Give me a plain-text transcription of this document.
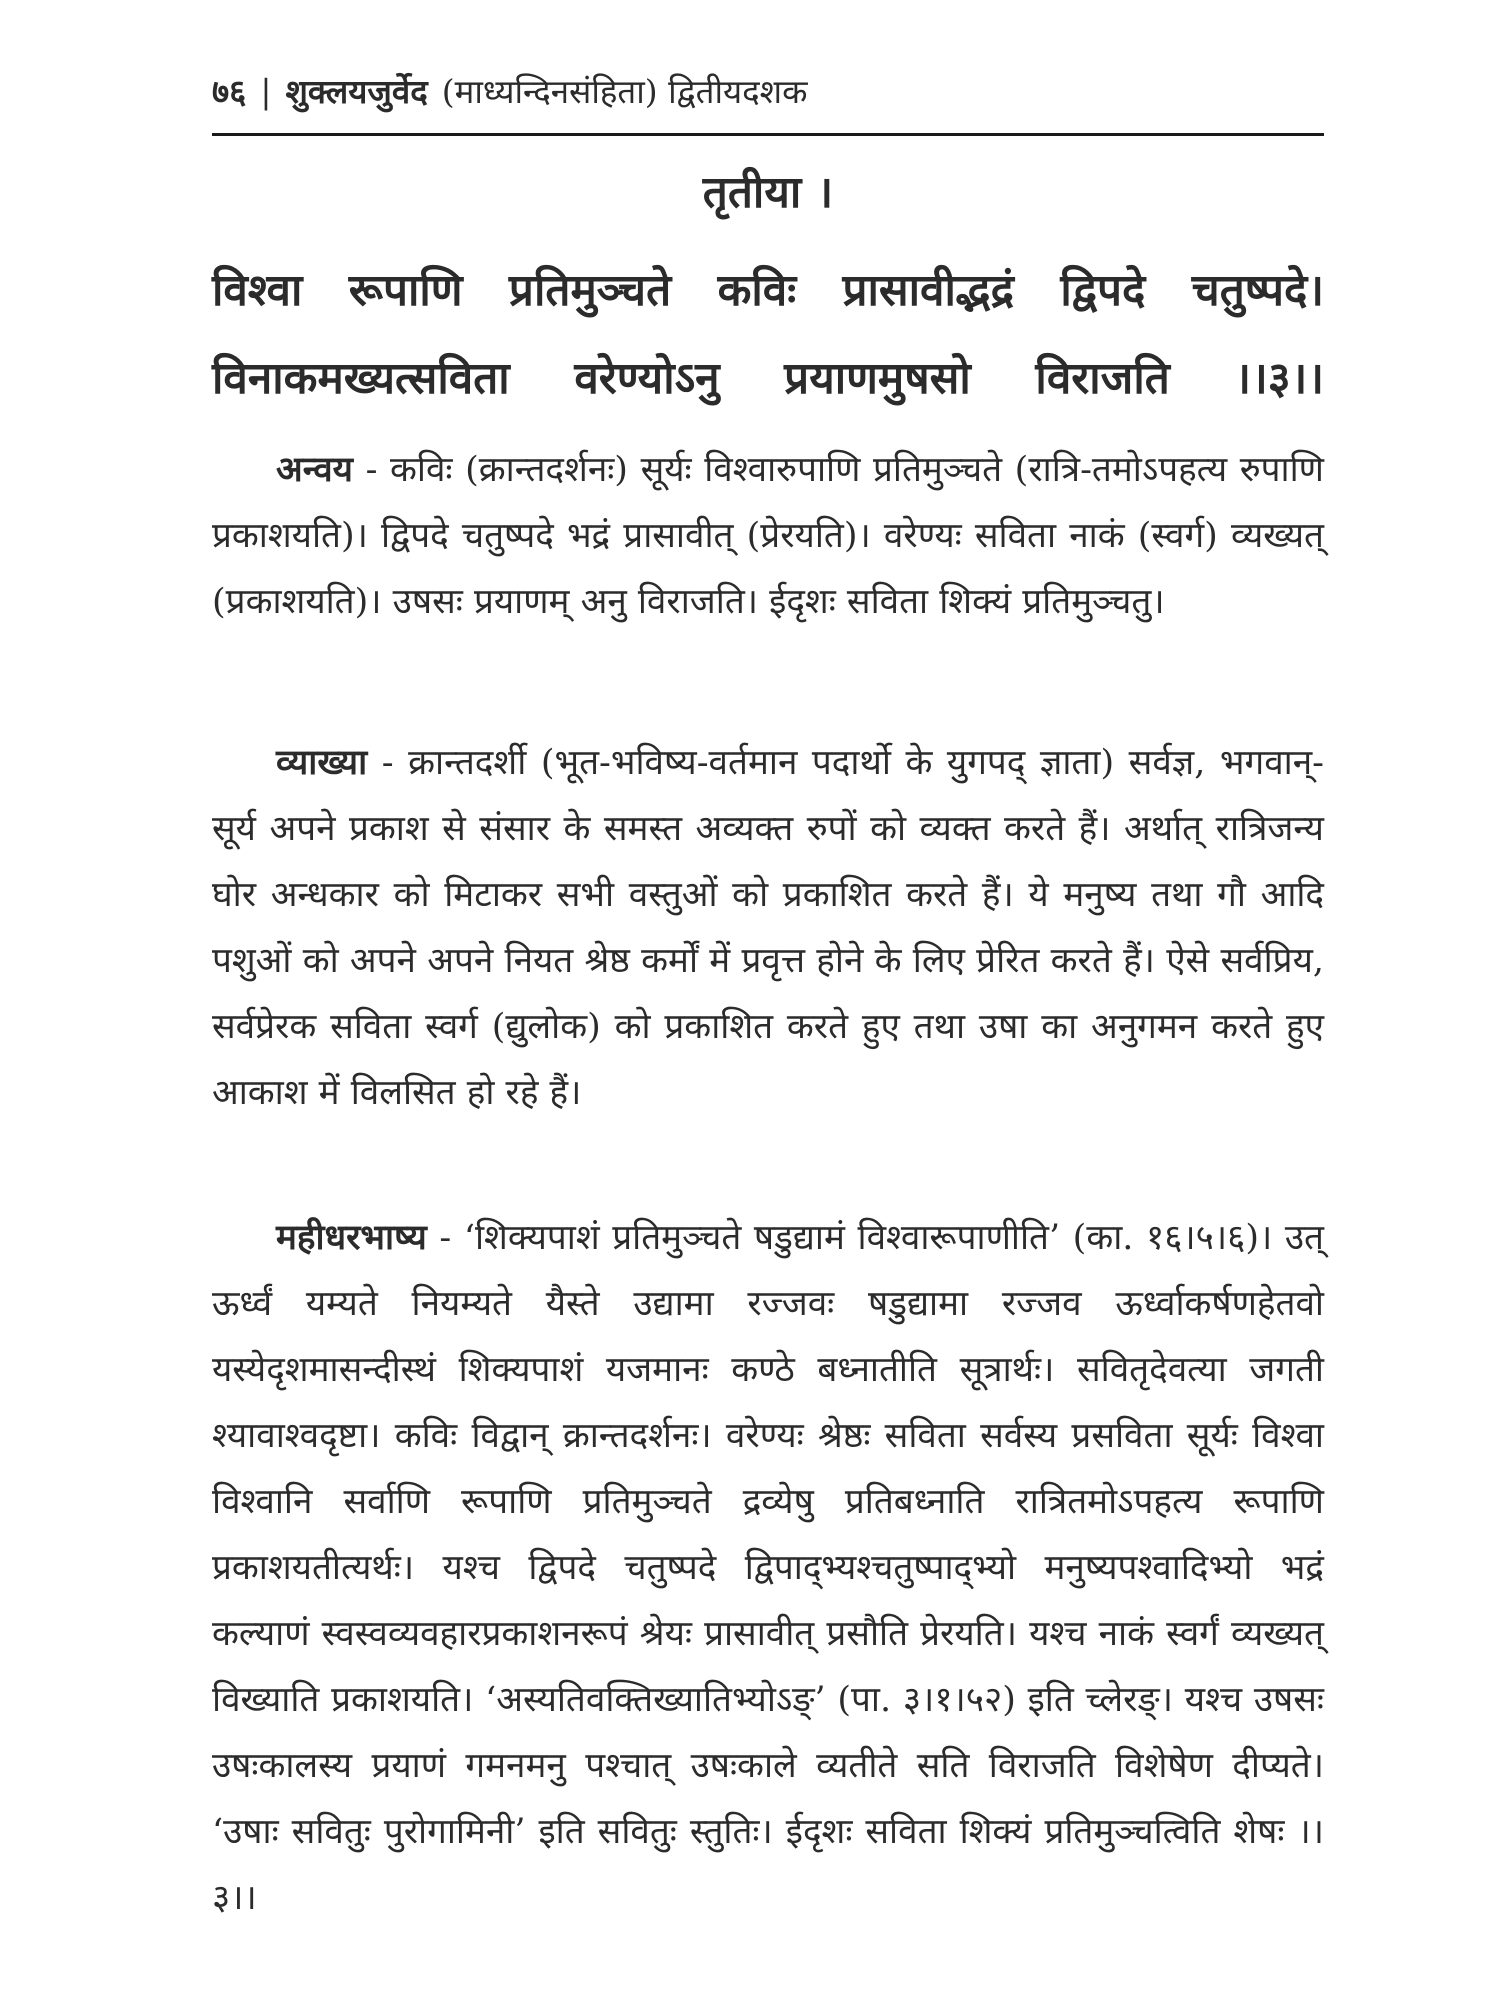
७६ | शुक्लयजुर्वेद (माध्यन्दिनसंहिता) द्वितीयदशक
तृतीया ।
विश्वा रूपाणि प्रतिमुञ्चते कविः प्रासावीद्भद्रं द्विपदे चतुष्पदे।
विनाकमख्यत्सविता वरेण्योऽनु प्रयाणमुषसो विराजति ।।३।।
अन्वय - कविः (क्रान्तदर्शनः) सूर्यः विश्वारुपाणि प्रतिमुञ्चते (रात्रि-तमोऽपहत्य रुपाणि प्रकाशयति)। द्विपदे चतुष्पदे भद्रं प्रासावीत् (प्रेरयति)। वरेण्यः सविता नाकं (स्वर्ग) व्यख्यत् (प्रकाशयति)। उषसः प्रयाणम् अनु विराजति। ईदृशः सविता शिक्यं प्रतिमुञ्चतु।
व्याख्या - क्रान्तदर्शी (भूत-भविष्य-वर्तमान पदार्थो के युगपद् ज्ञाता) सर्वज्ञ, भगवान्-सूर्य अपने प्रकाश से संसार के समस्त अव्यक्त रुपों को व्यक्त करते हैं। अर्थात् रात्रिजन्य घोर अन्धकार को मिटाकर सभी वस्तुओं को प्रकाशित करते हैं। ये मनुष्य तथा गौ आदि पशुओं को अपने अपने नियत श्रेष्ठ कर्मों में प्रवृत्त होने के लिए प्रेरित करते हैं। ऐसे सर्वप्रिय, सर्वप्रेरक सविता स्वर्ग (द्युलोक) को प्रकाशित करते हुए तथा उषा का अनुगमन करते हुए आकाश में विलसित हो रहे हैं।
महीधरभाष्य - ‘शिक्यपाशं प्रतिमुञ्चते षडुद्यामं विश्वारूपाणीति’ (का. १६।५।६)। उत् ऊर्ध्वं यम्यते नियम्यते यैस्ते उद्यामा रज्जवः षडुद्यामा रज्जव ऊर्ध्वाकर्षणहेतवो यस्येदृशमासन्दीस्थं शिक्यपाशं यजमानः कण्ठे बध्नातीति सूत्रार्थः। सवितृदेवत्या जगती श्यावाश्वदृष्टा। कविः विद्वान् क्रान्तदर्शनः। वरेण्यः श्रेष्ठः सविता सर्वस्य प्रसविता सूर्यः विश्वा विश्वानि सर्वाणि रूपाणि प्रतिमुञ्चते द्रव्येषु प्रतिबध्नाति रात्रितमोऽपहत्य रूपाणि प्रकाशयतीत्यर्थः। यश्च द्विपदे चतुष्पदे द्विपाद्भ्यश्चतुष्पाद्भ्यो मनुष्यपश्वादिभ्यो भद्रं कल्याणं स्वस्वव्यवहारप्रकाशनरूपं श्रेयः प्रासावीत् प्रसौति प्रेरयति। यश्च नाकं स्वर्गं व्यख्यत् विख्याति प्रकाशयति। ‘अस्यतिवक्तिख्यातिभ्योऽङ्’ (पा. ३।१।५२) इति च्लेरङ्। यश्च उषसः उषःकालस्य प्रयाणं गमनमनु पश्चात् उषःकाले व्यतीते सति विराजति विशेषेण दीप्यते। ‘उषाः सवितुः पुरोगामिनी’ इति सवितुः स्तुतिः। ईदृशः सविता शिक्यं प्रतिमुञ्चत्विति शेषः ।।३।।
